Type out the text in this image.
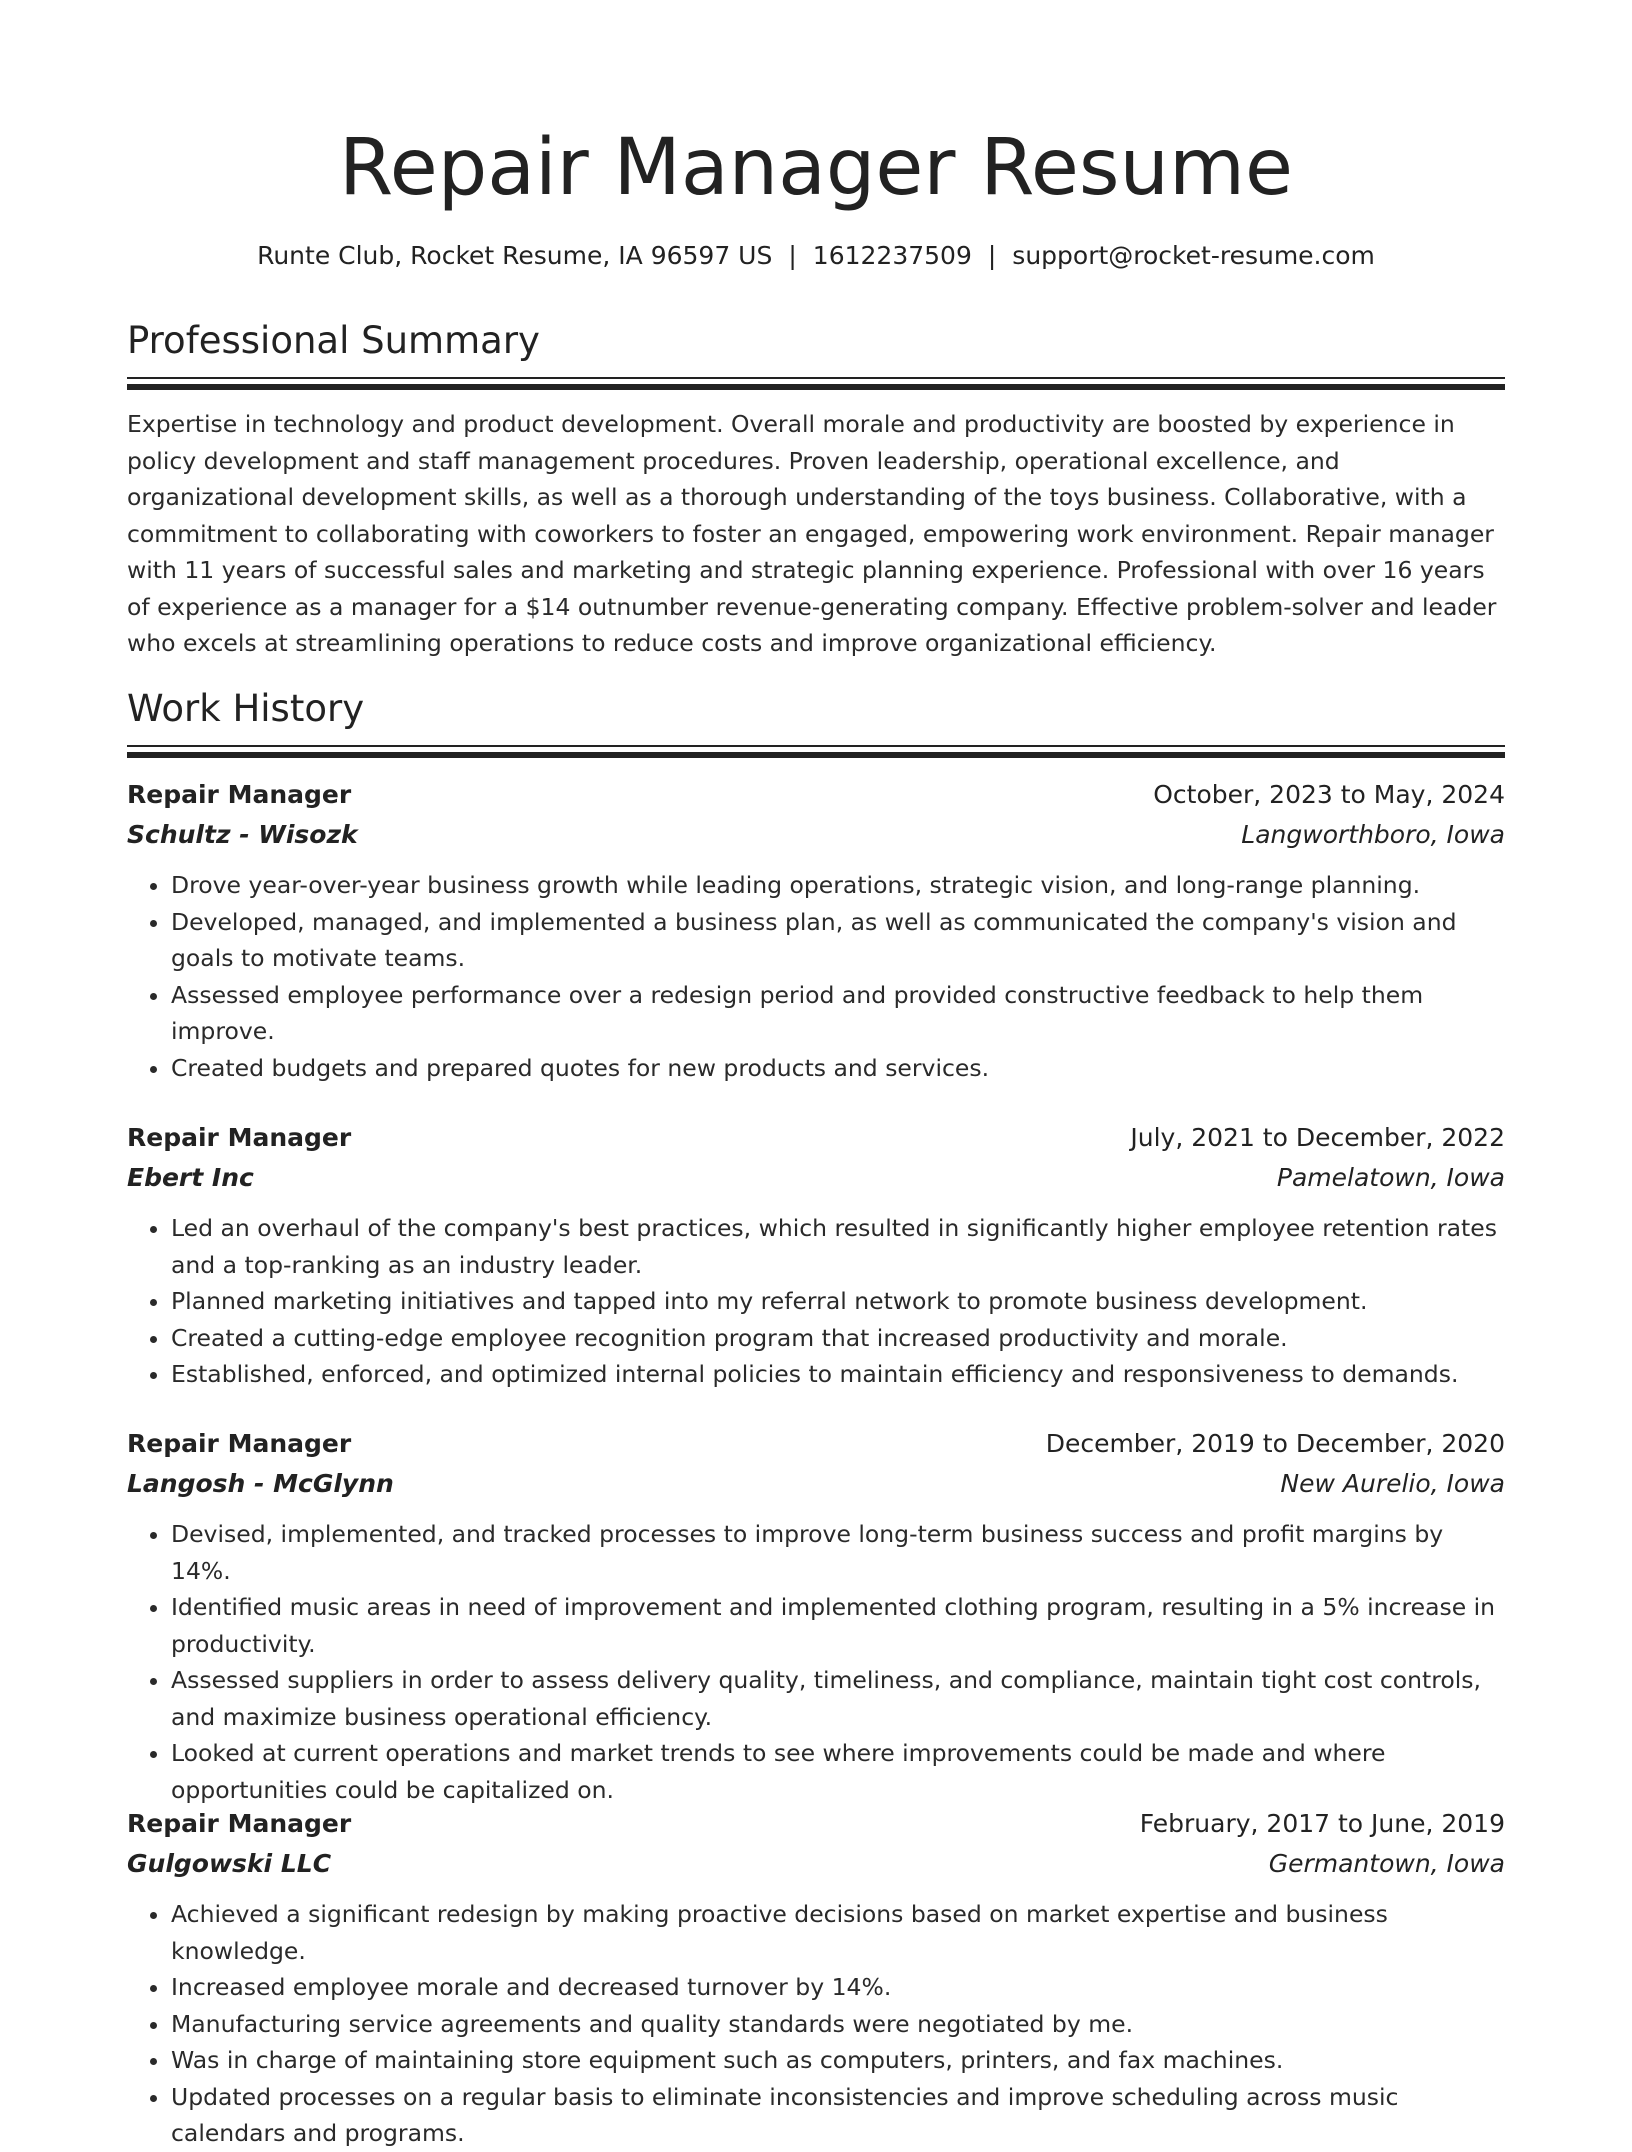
Repair Manager Resume
Runte Club, Rocket Resume, IA 96597 US | 1612237509 | support@rocket-resume.com
Professional Summary

Expertise in technology and product development. Overall morale and productivity are boosted by experience in policy development and staff management procedures. Proven leadership, operational excellence, and organizational development skills, as well as a thorough understanding of the toys business. Collaborative, with a commitment to collaborating with coworkers to foster an engaged, empowering work environment. Repair manager with 11 years of successful sales and marketing and strategic planning experience. Professional with over 16 years of experience as a manager for a $14 outnumber revenue-generating company. Effective problem-solver and leader who excels at streamlining operations to reduce costs and improve organizational efficiency.

Work History
Repair Manager	October, 2023 to May, 2024
Schultz - Wisozk	Langworthboro, Iowa
• Drove year-over-year business growth while leading operations, strategic vision, and long-range planning.
• Developed, managed, and implemented a business plan, as well as communicated the company's vision and goals to motivate teams.
• Assessed employee performance over a redesign period and provided constructive feedback to help them improve.
• Created budgets and prepared quotes for new products and services.
Repair Manager	July, 2021 to December, 2022
Ebert Inc	Pamelatown, Iowa
• Led an overhaul of the company's best practices, which resulted in significantly higher employee retention rates and a top-ranking as an industry leader.
• Planned marketing initiatives and tapped into my referral network to promote business development.
• Created a cutting-edge employee recognition program that increased productivity and morale.
• Established, enforced, and optimized internal policies to maintain efficiency and responsiveness to demands.
Repair Manager	December, 2019 to December, 2020
Langosh - McGlynn	New Aurelio, Iowa
• Devised, implemented, and tracked processes to improve long-term business success and profit margins by 14%.
• Identified music areas in need of improvement and implemented clothing program, resulting in a 5% increase in productivity.
• Assessed suppliers in order to assess delivery quality, timeliness, and compliance, maintain tight cost controls, and maximize business operational efficiency.
• Looked at current operations and market trends to see where improvements could be made and where opportunities could be capitalized on.
Repair Manager	February, 2017 to June, 2019
Gulgowski LLC	Germantown, Iowa
• Achieved a significant redesign by making proactive decisions based on market expertise and business knowledge.
• Increased employee morale and decreased turnover by 14%.
• Manufacturing service agreements and quality standards were negotiated by me.
• Was in charge of maintaining store equipment such as computers, printers, and fax machines.
• Updated processes on a regular basis to eliminate inconsistencies and improve scheduling across music calendars and programs.
